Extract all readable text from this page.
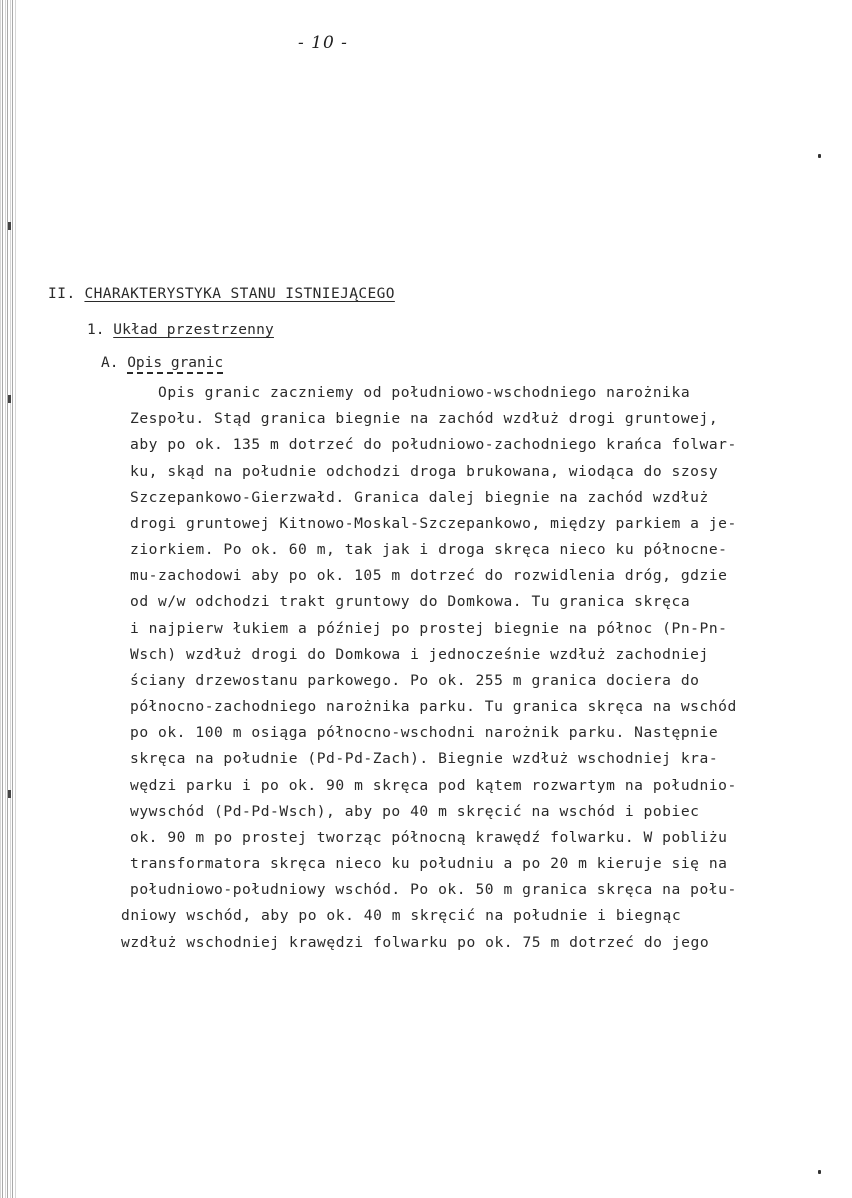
- 10 -
II. CHARAKTERYSTYKA STANU ISTNIEJĄCEGO
1. Układ przestrzenny
A. Opis granic
Opis granic zaczniemy od południowo-wschodniego narożnika
Zespołu. Stąd granica biegnie na zachód wzdłuż drogi gruntowej,
aby po ok. 135 m dotrzeć do południowo-zachodniego krańca folwar-
ku, skąd na południe odchodzi droga brukowana, wiodąca do szosy
Szczepankowo-Gierzwałd. Granica dalej biegnie na zachód wzdłuż
drogi gruntowej Kitnowo-Moskal-Szczepankowo, między parkiem a je-
ziorkiem. Po ok. 60 m, tak jak i droga skręca nieco ku północne-
mu-zachodowi aby po ok. 105 m dotrzeć do rozwidlenia dróg, gdzie
od w/w odchodzi trakt gruntowy do Domkowa. Tu granica skręca
i najpierw łukiem a później po prostej biegnie na północ (Pn-Pn-
Wsch) wzdłuż drogi do Domkowa i jednocześnie wzdłuż zachodniej
ściany drzewostanu parkowego. Po ok. 255 m granica dociera do
północno-zachodniego narożnika parku. Tu granica skręca na wschód
po ok. 100 m osiąga północno-wschodni narożnik parku. Następnie
skręca na południe (Pd-Pd-Zach). Biegnie wzdłuż wschodniej kra-
wędzi parku i po ok. 90 m skręca pod kątem rozwartym na południo-
wywschód (Pd-Pd-Wsch), aby po 40 m skręcić na wschód i pobiec
ok. 90 m po prostej tworząc północną krawędź folwarku. W pobliżu
transformatora skręca nieco ku południu a po 20 m kieruje się na
południowo-południowy wschód. Po ok. 50 m granica skręca na połu-
dniowy wschód, aby po ok. 40 m skręcić na południe i biegnąc
wzdłuż wschodniej krawędzi folwarku po ok. 75 m dotrzeć do jego
